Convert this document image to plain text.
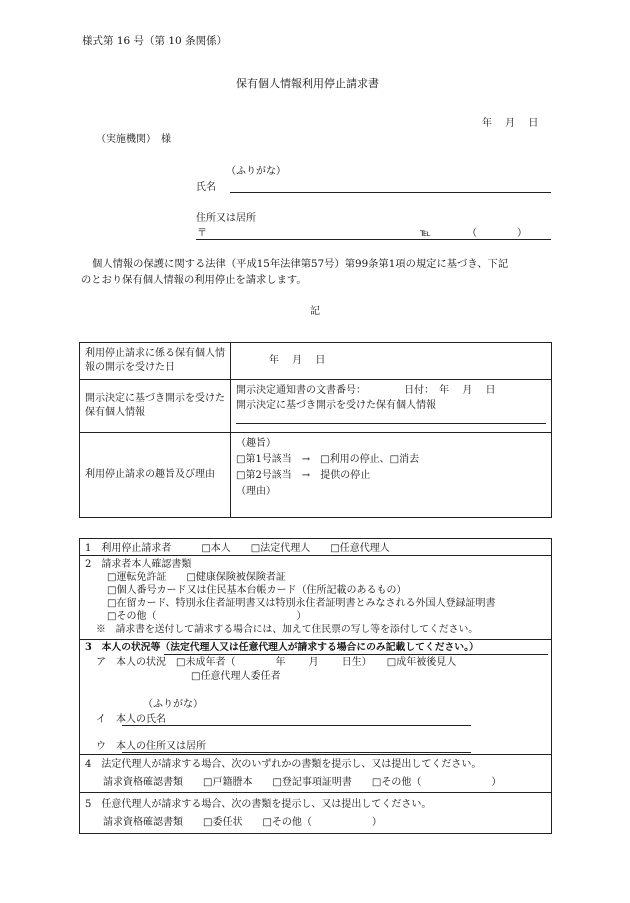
様式第 16 号（第 10 条関係）
保有個人情報利用停止請求書
年　 月　 日
（実施機関）　様
（ふりがな）
氏名
住所又は居所
〒	℡	（　　　　）
個人情報の保護に関する法律（平成15年法律第57号）第99条第1項の規定に基づき、下記
のとおり保有個人情報の利用停止を請求します。
記
利用停止請求に係る保有個人情報の開示を受けた日	年　 月　 日
開示決定に基づき開示を受けた保有個人情報	開示決定通知書の文書番号：　　　　 日付：　年　 月　 日
開示決定に基づき開示を受けた保有個人情報

利用停止請求の趣旨及び理由	（趣旨）
□第1号該当　→　□利用の停止、□消去
□第2号該当　→　提供の停止
（理由）
1　利用停止請求者　　　□本人　　□法定代理人　　□任意代理人
2　請求者本人確認書類
□運転免許証　　□健康保険被保険者証
□個人番号カード又は住民基本台帳カード（住所記載のあるもの）
□在留カード、特別永住者証明書又は特別永住者証明書とみなされる外国人登録証明書
□その他（　　　　　　　　　　　　　　）
※　請求書を送付して請求する場合には、加えて住民票の写し等を添付してください。
3　本人の状況等（法定代理人又は任意代理人が請求する場合にのみ記載してください。）
ア　本人の状況　□未成年者（　　　　年　　 月　　 日生）　　□成年被後見人
□任意代理人委任者
（ふりがな）
イ　本人の氏名
ウ　本人の住所又は居所
4　法定代理人が請求する場合、次のいずれかの書類を提示し、又は提出してください。
請求資格確認書類　　□戸籍謄本　　□登記事項証明書　　□その他（　　　　　　　）
5　任意代理人が請求する場合、次の書類を提示し、又は提出してください。
請求資格確認書類　　□委任状　　□その他（　　　　　　）
